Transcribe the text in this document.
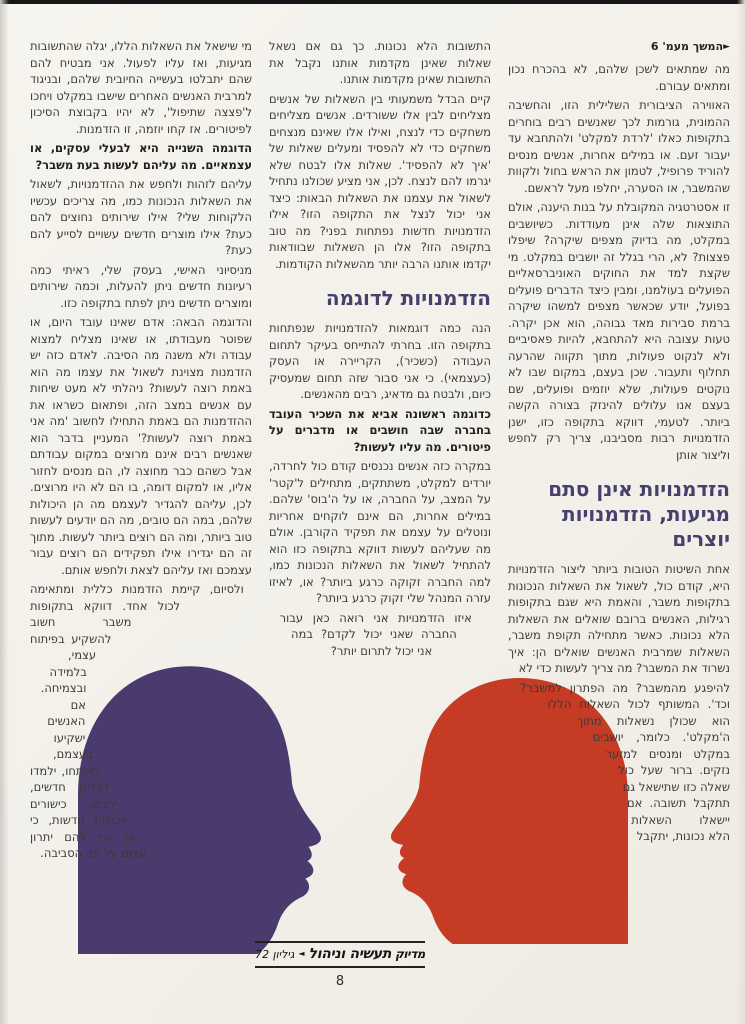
►המשך מעמ' 6

מה שמתאים לשכן שלהם, לא בהכרח נכון ומתאים עבורם.

האווירה הציבורית השלילית הזו, והחשיבה ההמונית, גורמות לכך שאנשים רבים בוחרים בתקופות כאלו 'לרדת למקלט' ולהתחבא עד יעבור זעם. או במילים אחרות, אנשים מנסים להוריד פרופיל, לטמון את הראש בחול ולקוות שהמשבר, או הסערה, יחלפו מעל לראשם.

זו אסטרטגיה המקובלת על בנות היענה, אולם התוצאות שלה אינן מעודדות. כשיושבים במקלט, מה בדיוק מצפים שיקרה? שיפלו פצצות? לא, הרי בגלל זה יושבים במקלט. מי שקצת למד את החוקים האוניברסאליים הפועלים בעולמנו, ומבין כיצד הדברים פועלים בפועל, יודע שכאשר מצפים למשהו שיקרה ברמת סבירות מאד גבוהה, הוא אכן יקרה. טעות עצובה היא להתחבא, להיות פאסיביים ולא לנקוט פעולות, מתוך תקווה שהרעה תחלוף ותעבור. שכן בעצם, במקום שבו לא נוקטים פעולות, שלא יוזמים ופועלים, שם בעצם אנו עלולים להינזק בצורה הקשה ביותר. לטעמי, דווקא בתקופה כזו, ישנן הזדמנויות רבות מסביבנו, צריך רק לחפש וליצור אותן

הזדמנויות אינן סתם
מגיעות, הזדמנויות יוצרים

אחת השיטות הטובות ביותר ליצור הזדמנויות היא, קודם כול, לשאול את השאלות הנכונות בתקופות משבר, והאמת היא שגם בתקופות רגילות, האנשים ברובם שואלים את השאלות הלא נכונות. כאשר מתחילה תקופת משבר, השאלות שמרבית האנשים שואלים הן: איך נשרוד את המשבר? מה צריך לעשות כדי לא

להיפגע מהמשבר? מה הפתרון למשבר? וכד'. המשותף לכול השאלות הללו הוא שכולן נשאלות מתוך ה'מקלט'. כלומר, יושבים במקלט ומנסים למזער נזקים. ברור שעל כול שאלה כזו שתישאל גם תתקבל תשובה. אם יישאלו השאלות הלא נכונות, יתקבל

התשובות הלא נכונות. כך גם אם נשאל שאלות שאינן מקדמות אותנו נקבל את התשובות שאינן מקדמות אותנו.

קיים הבדל משמעותי בין השאלות של אנשים מצליחים לבין אלו ששורדים. אנשים מצליחים משחקים כדי לנצח, ואילו אלו שאינם מנצחים משחקים כדי לא להפסיד ומעלים שאלות של 'איך לא להפסיד'. שאלות אלו לבטח שלא יגרמו להם לנצח. לכן, אני מציע שכולנו נתחיל לשאול את עצמנו את השאלות הבאות: כיצד אני יכול לנצל את התקופה הזו? אילו הזדמנויות חדשות נפתחות בפני? מה טוב בתקופה הזו? אלו הן השאלות שבוודאות יקדמו אותנו הרבה יותר מהשאלות הקודמות.

הזדמנויות לדוגמה

הנה כמה דוגמאות להזדמנויות שנפתחות בתקופה הזו. בחרתי להתייחס בעיקר לתחום העבודה (כשכיר), הקריירה או העסק (כעצמאי). כי אני סבור שזה תחום שמעסיק כיום, ולבטח גם מדאיג, רבים מהאנשים.

כדוגמה ראשונה אביא את השכיר העובד בחברה שבה חושבים או מדברים על פיטורים. מה עליו לעשות?

במקרה כזה אנשים נכנסים קודם כול לחרדה, יורדים למקלט, משתתקים, מתחילים ל'קטר' על המצב, על החברה, או על ה'בוס' שלהם. במילים אחרות, הם אינם לוקחים אחריות ונוטלים על עצמם את תפקיד הקורבן. אולם מה שעליהם לעשות דווקא בתקופה כזו הוא להתחיל לשאול את השאלות הנכונות כמו, למה החברה זקוקה כרגע ביותר? או, לאיזו עזרה המנהל שלי זקוק כרגע ביותר?

איזו הזדמנויות אני רואה כאן עבור החברה שאני יכול לקדם? במה אני יכול לתרום יותר?

מי שישאל את השאלות הללו, יגלה שהתשובות מגיעות, ואז עליו לפעול. אני מבטיח להם שהם יתבלטו בעשייה החיובית שלהם, ובניגוד למרבית האנשים האחרים שישבו במקלט ויחכו ל'פצצה שתיפול', לא יהיו בקבוצת הסיכון לפיטורים. אז קחו יוזמה, זו הזדמנות.

הדוגמה השנייה היא לבעלי עסקים, או עצמאיים. מה עליהם לעשות בעת משבר?

עליהם לזהות ולחפש את ההזדמנויות, לשאול את השאלות הנכונות כמו, מה צריכים עכשיו הלקוחות שלי? אילו שירותים נחוצים להם כעת? אילו מוצרים חדשים עשויים לסייע להם כעת?

מניסיוני האישי, בעסק שלי, ראיתי כמה רעיונות חדשים ניתן להעלות, וכמה שירותים ומוצרים חדשים ניתן לפתח בתקופה כזו.

והדוגמה הבאה: אדם שאינו עובד היום, או שפוטר מעבודתו, או שאינו מצליח למצוא עבודה ולא משנה מה הסיבה. לאדם כזה יש הזדמנות מצוינת לשאול את עצמו מה הוא באמת רוצה לעשות? ניהלתי לא מעט שיחות עם אנשים במצב הזה, ופתאום כשראו את ההזדמנות הם באמת התחילו לחשוב 'מה אני באמת רוצה לעשות?' המעניין בדבר הוא שאנשים רבים אינם מרוצים במקום עבודתם אבל כשהם כבר מחוצה לו, הם מנסים לחזור אליו, או למקום דומה, בו הם לא היו מרוצים. לכן, עליהם להגדיר לעצמם מה הן היכולות שלהם, במה הם טובים, מה הם יודעים לעשות טוב ביותר, ומה הם רוצים ביותר לעשות. מתוך זה הם יגדירו אילו תפקידים הם רוצים עבור עצמכם ואז עליהם לצאת ולחפש אותם.

ולסיום, קיימת הזדמנות כללית ומתאימה לכול אחד. דווקא בתקופות משבר חשוב להשקיע בפיתוח עצמי, בלמידה ובצמיחה. אם האנשים ישקיעו בעצמם, יתפתחו, ילמדו דברים חדשים, ירכשו כישורים ויכולות חדשות, כי אז יהיו להם יתרון עצום על פני הסביבה.

מדיוק
תעשיה וניהול
◄
גיליון 72
8
